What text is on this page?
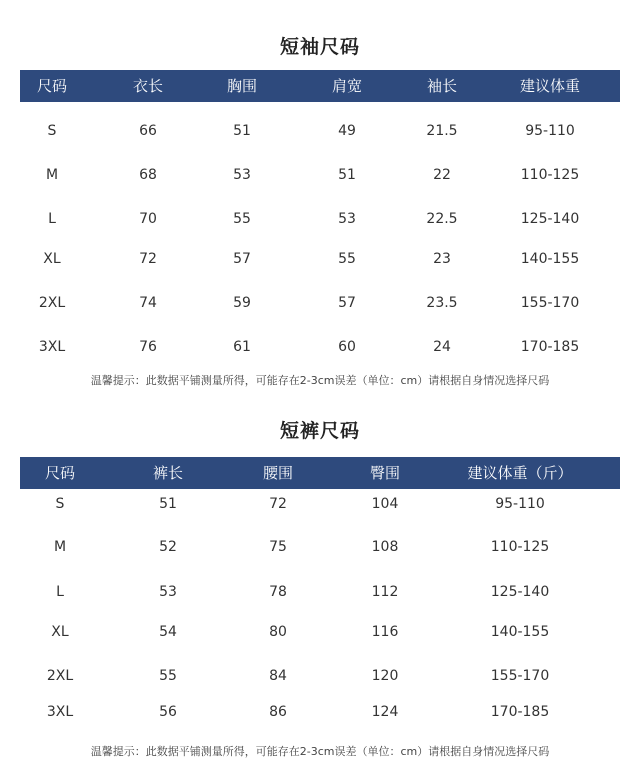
短袖尺码
尺码	衣长	胸围	肩宽	袖长	建议体重
S	66	51	49	21.5	95-110
M	68	53	51	22	110-125
L	70	55	53	22.5	125-140
XL	72	57	55	23	140-155
2XL	74	59	57	23.5	155-170
3XL	76	61	60	24	170-185
温馨提示：此数据平铺测量所得，可能存在2-3cm误差（单位：cm）请根据自身情况选择尺码
短裤尺码
尺码	裤长	腰围	臀围	建议体重（斤）
S	51	72	104	95-110
M	52	75	108	110-125
L	53	78	112	125-140
XL	54	80	116	140-155
2XL	55	84	120	155-170
3XL	56	86	124	170-185
温馨提示：此数据平铺测量所得，可能存在2-3cm误差（单位：cm）请根据自身情况选择尺码
